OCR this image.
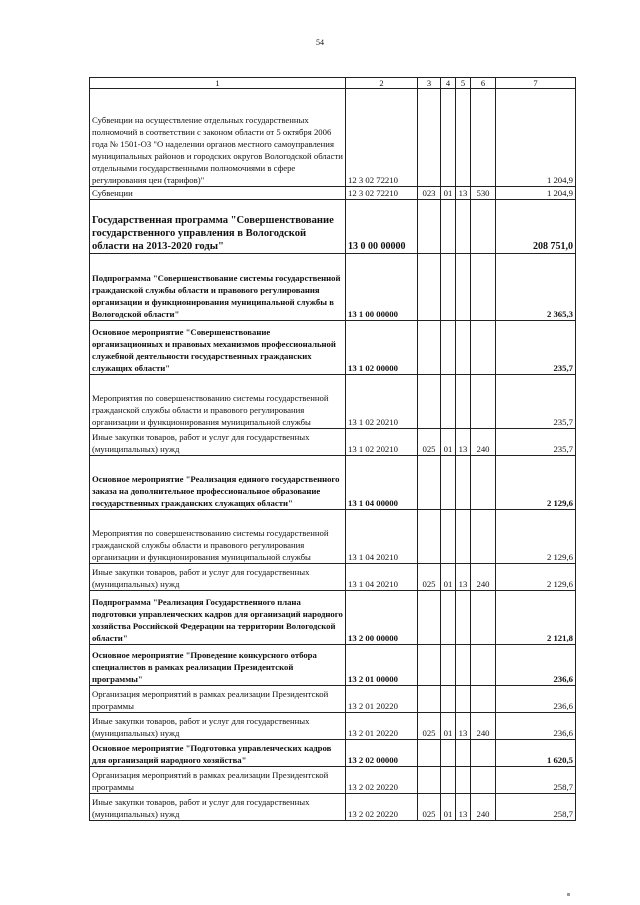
54
1	2	3	4	5	6	7
Субвенции на осуществление отдельных государственных полномочий в соответствии с законом области от 5 октября 2006 года № 1501-ОЗ "О наделении органов местного самоуправления муниципальных районов и городских округов Вологодской области отдельными государственными полномочиями в сфере регулирования цен (тарифов)"	12 3 02 72210					1 204,9
Субвенции	12 3 02 72210	023	01	13	530	1 204,9
Государственная программа "Совершенствование государственного управления в Вологодской области на 2013-2020 годы"	13 0 00 00000					208 751,0
Подпрограмма "Совершенствование системы государственной гражданской службы области и правового регулирования организации и функционирования муниципальной службы в Вологодской области"	13 1 00 00000					2 365,3
Основное мероприятие "Совершенствование организационных и правовых механизмов профессиональной служебной деятельности государственных гражданских служащих области"	13 1 02 00000					235,7
Мероприятия по совершенствованию системы государственной гражданской службы области и правового регулирования организации и функционирования муниципальной службы	13 1 02 20210					235,7
Иные закупки товаров, работ и услуг для государственных (муниципальных) нужд	13 1 02 20210	025	01	13	240	235,7
Основное мероприятие "Реализация единого государственного заказа на дополнительное профессиональное образование государственных гражданских служащих области"	13 1 04 00000					2 129,6
Мероприятия по совершенствованию системы государственной гражданской службы области и правового регулирования организации и функционирования муниципальной службы	13 1 04 20210					2 129,6
Иные закупки товаров, работ и услуг для государственных (муниципальных) нужд	13 1 04 20210	025	01	13	240	2 129,6
Подпрограмма "Реализация Государственного плана подготовки управленческих кадров для организаций народного хозяйства Российской Федерации на территории Вологодской области"	13 2 00 00000					2 121,8
Основное мероприятие "Проведение конкурсного отбора специалистов в рамках реализации Президентской программы"	13 2 01 00000					236,6
Организация мероприятий в рамках реализации Президентской программы	13 2 01 20220					236,6
Иные закупки товаров, работ и услуг для государственных (муниципальных) нужд	13 2 01 20220	025	01	13	240	236,6
Основное мероприятие "Подготовка управленческих кадров для организаций народного хозяйства"	13 2 02 00000					1 620,5
Организация мероприятий в рамках реализации Президентской программы	13 2 02 20220					258,7
Иные закупки товаров, работ и услуг для государственных (муниципальных) нужд	13 2 02 20220	025	01	13	240	258,7
